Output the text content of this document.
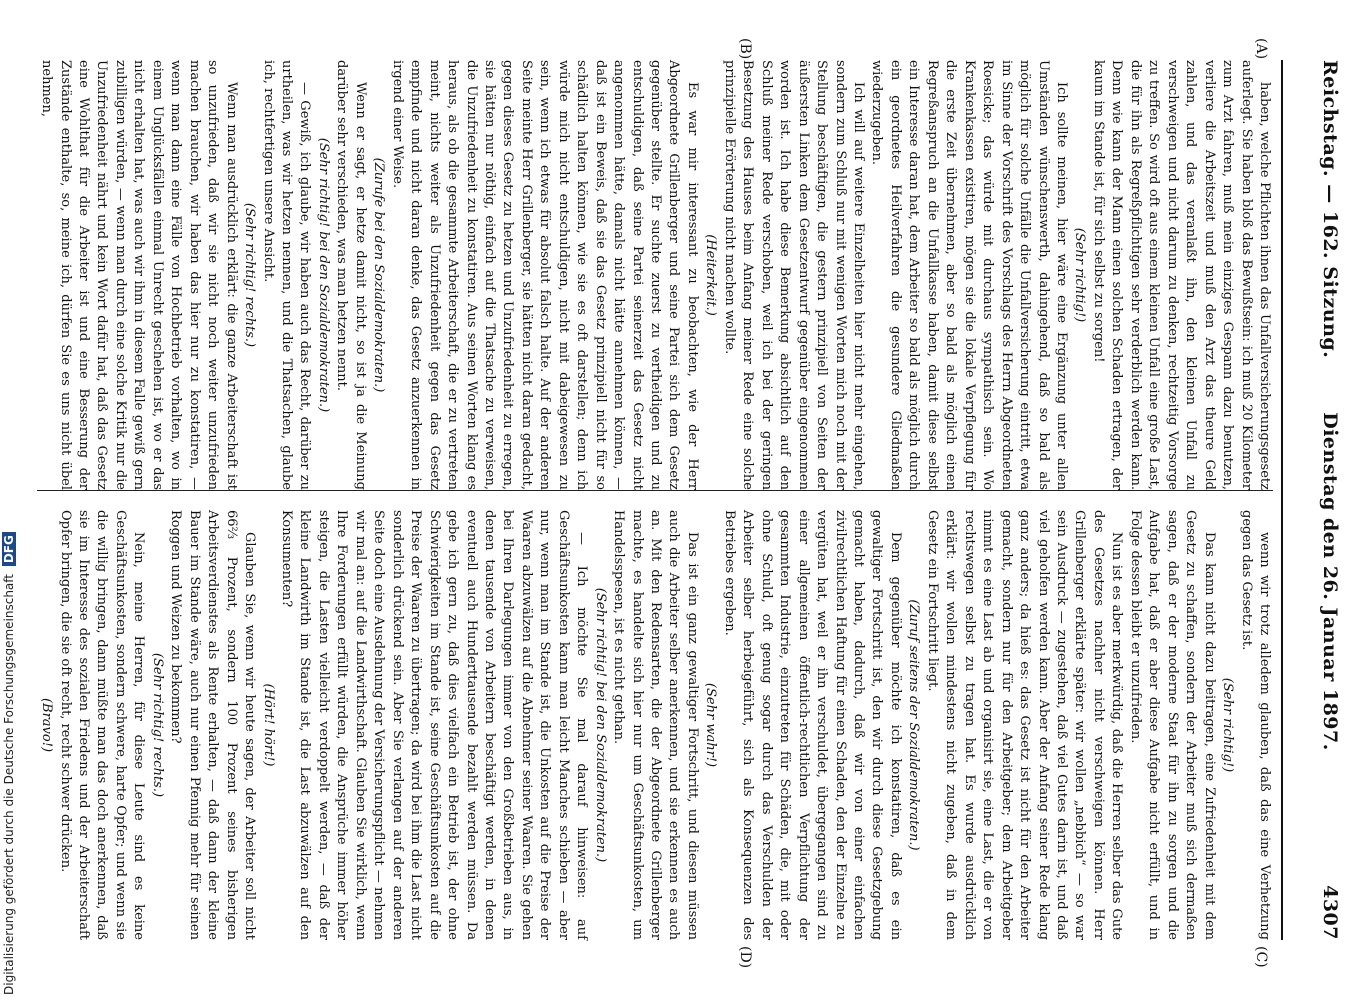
Reichstag. — 162. Sitzung.
Dienstag den 26. Januar 1897.  4307
(A)
(B)
(C)
(D)

haben, welche Pflichten ihnen das Unfallversicherungsgesetz auferlegt. Sie haben bloß das Bewußtsein: ich muß 20 Kilometer zum Arzt fahren, muß mein einziges Gespann dazu benutzen, verliere die Arbeitszeit und muß den Arzt das theure Geld zahlen, und das veranlaßt ihn, den kleinen Unfall zu verschweigen und nicht darum zu denken, rechtzeitig Vorsorge zu treffen. So wird oft aus einem kleinen Unfall eine große Last, die für ihn als Regreßpflichtigen sehr verderblich werden kann. Denn wie kann der Mann einen solchen Schaden ertragen, der kaum im Stande ist, für sich selbst zu sorgen!

(Sehr richtig!)

Ich sollte meinen, hier wäre eine Ergänzung unter allen Umständen wünschenswerth, dahingehend, daß so bald als möglich für solche Unfälle die Unfallversicherung eintritt, etwa im Sinne der Vorschrift des Vorschlags des Herrn Abgeordneten Roesicke; das würde mit durchaus sympathisch sein. Wo Krankenkassen existiren, mögen sie die lokale Verpflegung für die erste Zeit übernehmen, aber so bald als möglich einen Regreßanspruch an die Unfallkasse haben, damit diese selbst ein Interesse daran hat, dem Arbeiter so bald als möglich durch ein geordnetes Heilverfahren die gesundere Gliedmaßen wiederzugeben.

Ich will auf weitere Einzelheiten hier nicht mehr eingehen, sondern zum Schluß nur mit wenigen Worten mich noch mit der Stellung beschäftigen, die gestern prinzipiell von Seiten der äußersten Linken dem Gesetzentwurf gegenüber eingenommen worden ist. Ich habe diese Bemerkung absichtlich auf den Schluß meiner Rede verschoben, weil ich bei der geringen Besetzung des Hauses beim Anfang meiner Rede eine solche prinzipielle Erörterung nicht machen wollte.

(Heiterkeit.)

Es war mir interessant zu beobachten, wie der Herr Abgeordnete Grillenberger und seine Partei sich dem Gesetz gegenüber stellte. Er suchte zuerst zu vertheidigen und zu entschuldigen, daß seine Partei seinerzeit das Gesetz nicht angenommen hätte, damals nicht hätte annehmen können, — daß ist ein Beweis, daß sie das Gesetz prinzipiell nicht für so schädlich halten können, wie sie es oft darstellen; denn ich würde mich nicht entschuldigen, nicht mit dabeigewesen zu sein, wenn ich etwas für absolut falsch halte. Auf der anderen Seite meinte Herr Grillenberger, sie hätten nicht daran gedacht, gegen dieses Gesetz zu hetzen und Unzufriedenheit zu erregen, sie hätten nur nöthig, einfach auf die Thatsache zu verweisen, die Unzufriedenheit zu konstatiren. Aus seinen Worten klang es heraus, als ob die gesammte Arbeiterschaft, die er zu vertreten meint, nichts weiter als Unzufriedenheit gegen das Gesetz empfinde und nicht daran denke, das Gesetz anzuerkennen in irgend einer Weise.

(Zurufe bei den Sozialdemokraten.)

Wenn er sagt, er hetze damit nicht, so ist ja die Meinung darüber sehr verschieden, was man hetzen nennt.

(Sehr richtig! bei den Sozialdemokraten.)

— Gewiß, ich glaube, wir haben auch das Recht, darüber zu urtheilen, was wir hetzen nennen, und die Thatsachen, glaube ich, rechtfertigen unsere Ansicht.

(Sehr richtig! rechts.)

Wenn man ausdrücklich erklärt: die ganze Arbeiterschaft ist so unzufrieden, daß wir sie nicht noch weiter unzufrieden machen brauchen, wir haben das hier nur zu konstatiren, — wenn man dann eine Fälle von Hochbetrieb vorhalten, wo in einem Unglücksfällen einmal Unrecht geschehen ist, wo er das nicht erhalten hat, was auch wir ihm in diesem Falle gewiß gern zubilligen würden, — wenn man durch eine solche Kritik nur die Unzufriedenheit nährt und kein Wort dafür hat, daß das Gesetz eine Wohlthat für die Arbeiter ist und eine Besserung der Zustände enthalte, so, meine ich, dürfen Sie es uns nicht übel nehmen,

wenn wir trotz alledem glauben, daß das eine Verhetzung gegen das Gesetz ist.

(Sehr richtig!)

Das kann nicht dazu beitragen, eine Zufriedenheit mit dem Gesetz zu schaffen, sondern der Arbeiter muß sich dermaßen sagen, daß er der moderne Staat für ihn zu sorgen und die Aufgabe hat, daß er aber diese Aufgabe nicht erfüllt, und in Folge dessen bleibt er unzufrieden.

Nun ist es aber merkwürdig, daß die Herren selber das Gute des Gesetzes nachher nicht verschweigen können. Herr Grillenberger erklärte später: wir wollen „nebbich“ — so war sein Ausdruck — zugestehen, daß viel Gutes darin ist, und daß viel geholfen werden kann. Aber der Anfang seiner Rede klang ganz anders; da hieß es: das Gesetz ist nicht für den Arbeiter gemacht, sondern nur für den Arbeitgeber; dem Arbeitgeber nimmt es eine Last ab und organisirt sie, eine Last, die er von rechtswegen selbst zu tragen hat. Es wurde ausdrücklich erklärt: wir wollen mindestens nicht zugeben, daß in dem Gesetz ein Fortschritt liegt.

(Zuruf seitens der Sozialdemokraten.)

Dem gegenüber möchte ich konstatiren, daß es ein gewaltiger Fortschritt ist, den wir durch diese Gesetzgebung gemacht haben, dadurch, daß wir von einer einfachen zivilrechtlichen Haftung für einen Schaden, den der Einzelne zu vergüten hat, weil er ihn verschuldet, übergegangen sind zu einer allgemeinen öffentlich-rechtlichen Verpflichtung der gesammten Industrie, einzutreten für Schäden, die, mit oder ohne Schuld, oft genug sogar durch das Verschulden der Arbeiter selber herbeigeführt, sich als Konsequenzen des Betriebes ergeben.

(Sehr wahr!)

Das ist ein ganz gewaltiger Fortschritt, und diesen müssen auch die Arbeiter selber anerkennen, und sie erkennen es auch an. Mit den Redensarten, die der Abgeordnete Grillenberger machte, es handelte sich hier nur um Geschäftsunkosten, um Handelsspesen, ist es nicht gethan.

(Sehr richtig! bei den Sozialdemokraten.)

— Ich möchte Sie mal darauf hinweisen: auf Geschäftsunkosten kann man leicht Manches schieben — aber nur, wenn man im Stande ist, die Unkosten auf die Preise der Waaren abzuwälzen auf die Abnehmer seiner Waaren. Sie gehen bei Ihren Darlegungen immer von den Großbetrieben aus, in denen tausende von Arbeitern beschäftigt werden, in denen eventuell auch Hunderttausende bezahlt werden müssen. Da gebe ich gern zu, daß dies vielfach ein Betrieb ist, der ohne Schwierigkeiten im Stande ist, seine Geschäftsunkosten auf die Preise der Waaren zu übertragen; da wird bei ihm die Last nicht sonderlich drückend sein. Aber Sie verlangen auf der anderen Seite doch eine Ausdehnung der Versicherungspflicht — nehmen wir mal an: auf die Landwirthschaft. Glauben Sie wirklich, wenn Ihre Forderungen erfüllt würden, die Ansprüche immer höher steigen, die Lasten vielleicht verdoppelt werden, — daß der kleine Landwirth im Stande ist, die Last abzuwälzen auf den Konsumenten?

(Hört! hört!)

Glauben Sie, wenn wir heute sagen, der Arbeiter soll nicht 66⅔ Prozent, sondern 100 Prozent seines bisherigen Arbeitsverdienstes als Rente erhalten, — daß dann der kleine Bauer im Stande wäre, auch nur einen Pfennig mehr für seinen Roggen und Weizen zu bekommen?

(Sehr richtig! rechts.)

Nein, meine Herren, für diese Leute sind es keine Geschäftsunkosten, sondern schwere, harte Opfer; und wenn sie die willig bringen, dann müßte man das doch anerkennen, daß sie im Interesse des sozialen Friedens und der Arbeiterschaft Opfer bringen, die sie oft recht, recht schwer drücken.

(Bravo!)

Digitalisierung gefördert durch die Deutsche Forschungsgemeinschaft DFG
